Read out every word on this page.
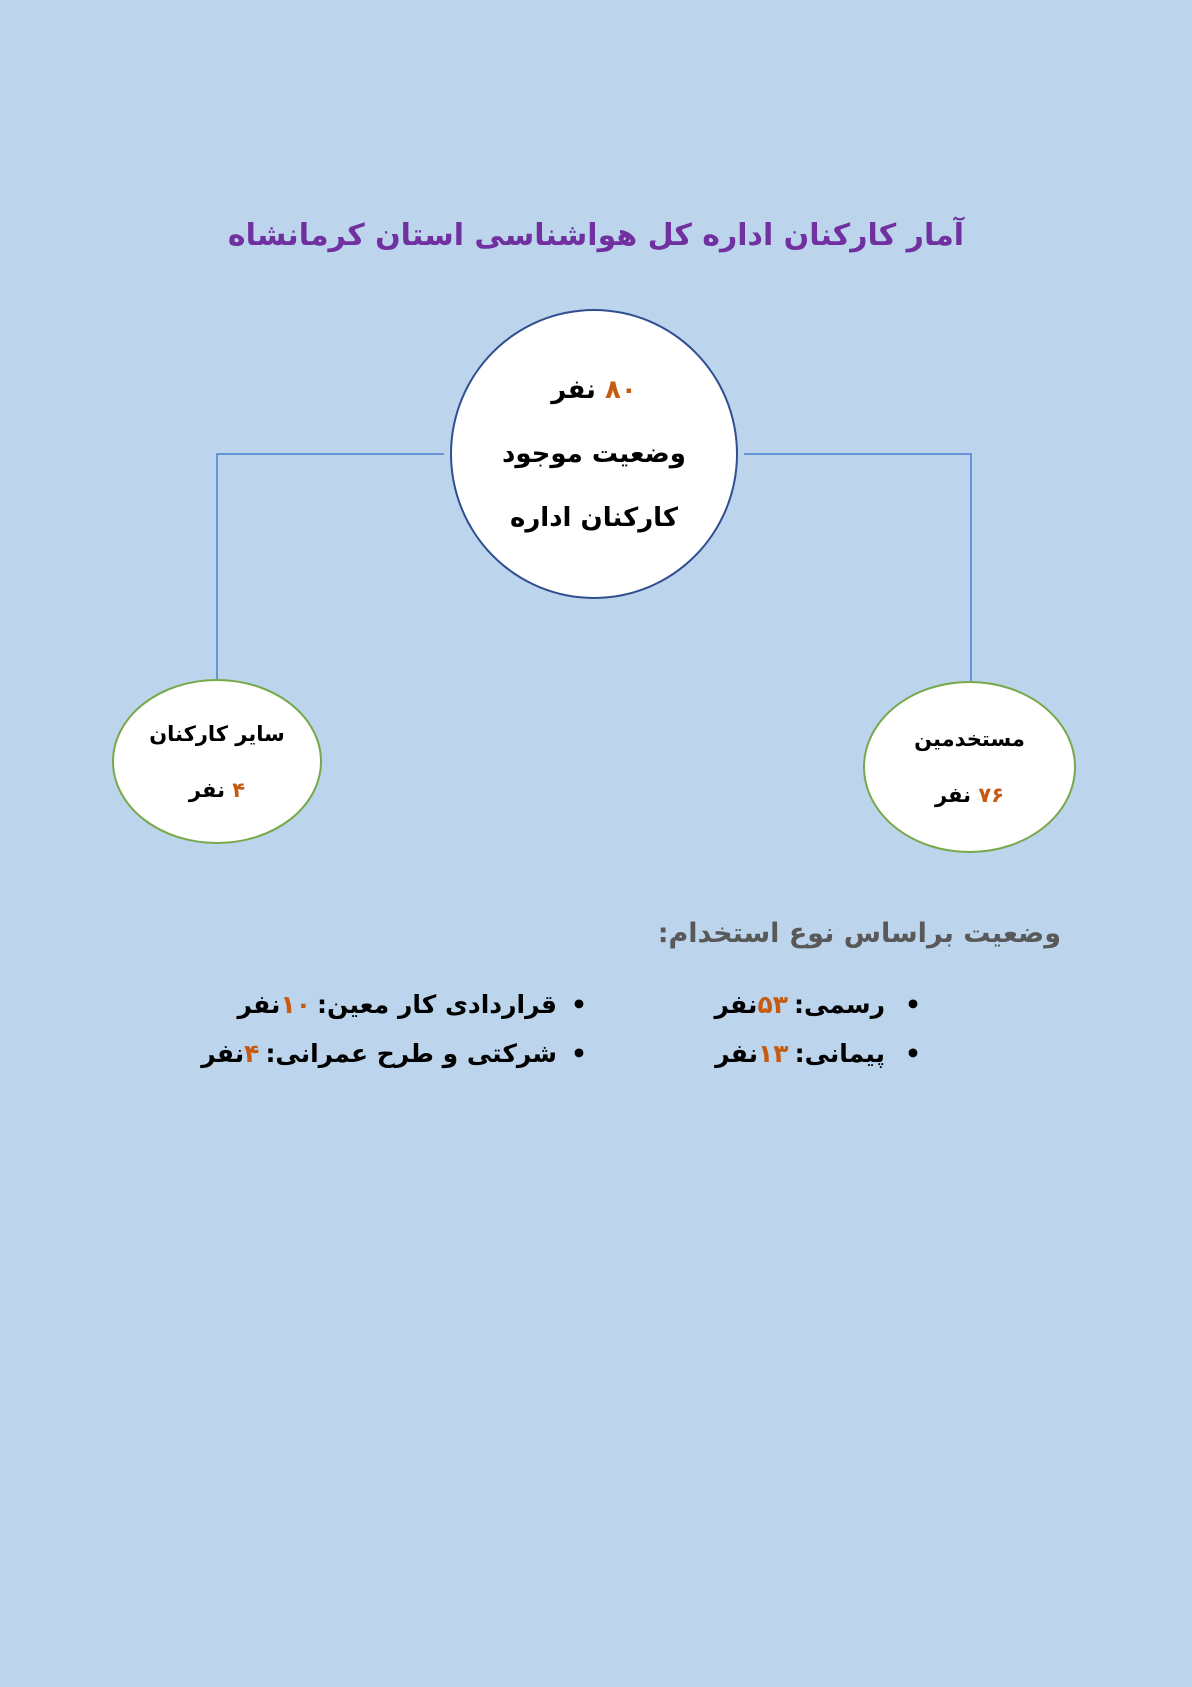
آمار کارکنان اداره کل هواشناسی استان کرمانشاه
۸۰ نفر
وضعیت موجود
کارکنان اداره
سایر کارکنان
۴ نفر
مستخدمین
۷۶ نفر
وضعیت براساس نوع استخدام:
•
رسمی:
۵۳
نفر
•
قراردادی کار معین:
۱۰
نفر
•
پیمانی:
۱۳
نفر
•
شرکتی و طرح عمرانی:
۴
نفر
